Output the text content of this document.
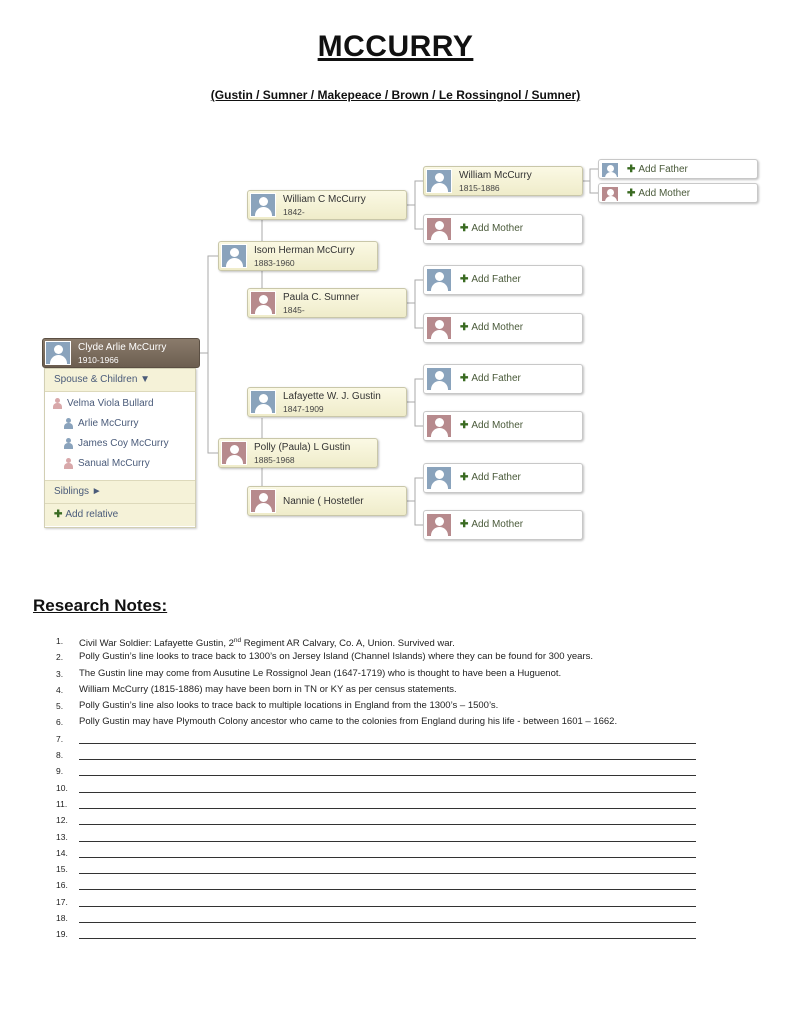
MCCURRY
(Gustin / Sumner / Makepeace / Brown / Le Rossingnol / Sumner)
Clyde Arlie McCurry
1910-1966
Spouse & Children ▼
Velma Viola Bullard
Arlie McCurry
James Coy McCurry
Sanual McCurry
Siblings ►
✚ Add relative
Isom Herman McCurry
1883-1960
Polly (Paula) L Gustin
1885-1968
William C McCurry
1842-
Paula C. Sumner
1845-
Lafayette W. J. Gustin
1847-1909
Nannie ( Hostetler
William McCurry
1815-1886
✚ Add Mother
✚ Add Father
✚ Add Mother
✚ Add Father
✚ Add Mother
✚ Add Father
✚ Add Mother
✚ Add Father
✚ Add Mother
Research Notes:
1.	Civil War Soldier: Lafayette Gustin, 2nd Regiment AR Calvary, Co. A, Union. Survived war.
2.	Polly Gustin’s line looks to trace back to 1300’s on Jersey Island (Channel Islands) where they can be found for 300 years.
3.	The Gustin line may come from Ausutine Le Rossignol Jean (1647-1719) who is thought to have been a Huguenot.
4.	William McCurry (1815-1886) may have been born in TN or KY as per census statements.
5.	Polly Gustin’s line also looks to trace back to multiple locations in England from the 1300’s – 1500’s.
6.	Polly Gustin may have Plymouth Colony ancestor who came to the colonies from England during his life - between 1601 – 1662.
7.
8.
9.
10.
11.
12.
13.
14.
15.
16.
17.
18.
19.
